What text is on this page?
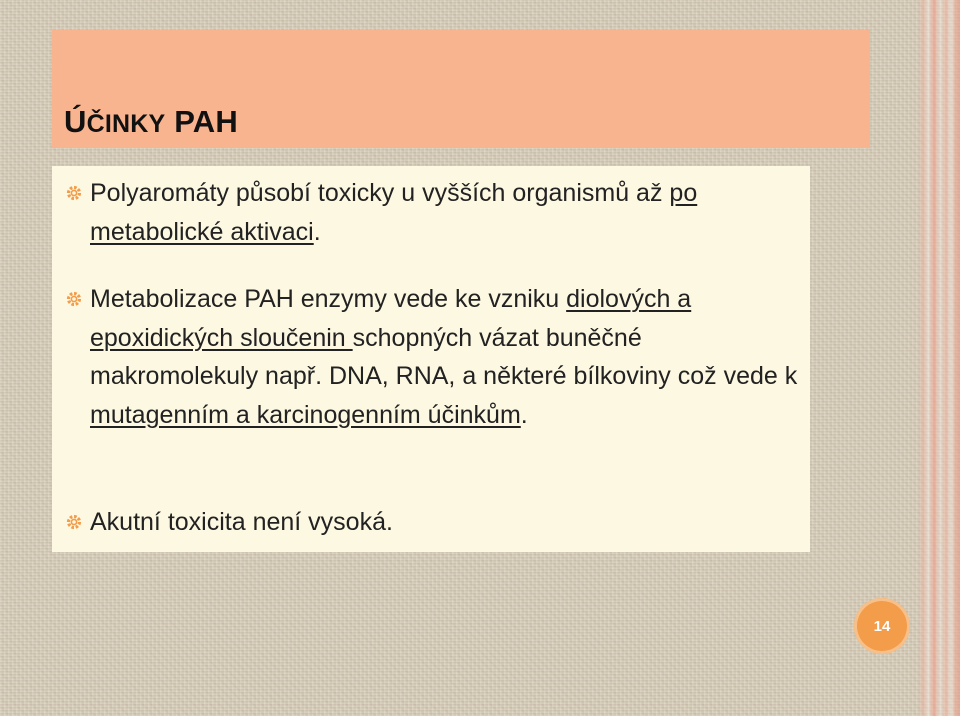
ÚČINKY PAH
Polyaromáty působí toxicky u vyšších organismů až po metabolické aktivaci.
Metabolizace PAH enzymy vede ke vzniku diolových a epoxidických sloučenin schopných vázat buněčné makromolekuly např. DNA, RNA, a některé bílkoviny což vede k mutagenním a karcinogenním účinkům.
Akutní toxicita není vysoká.
14
